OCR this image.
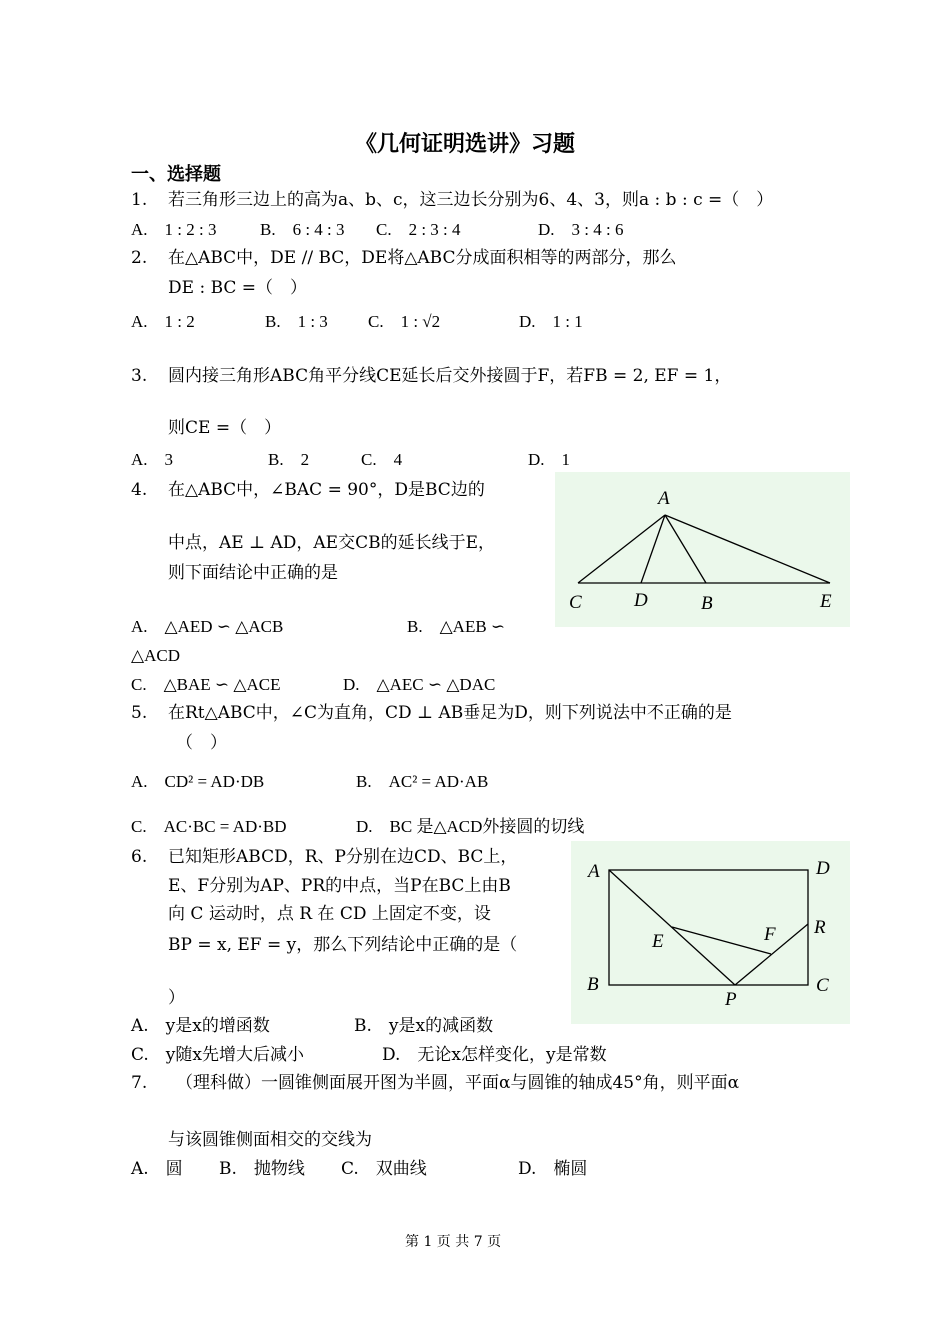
《几何证明选讲》习题
一、选择题
1. 若三角形三边上的高为a、b、c，这三边长分别为6、4、3，则a : b : c =（　）
A.　1 : 2 : 3	B.　6 : 4 : 3 C.　2 : 3 : 4	D.　3 : 4 : 6
2. 在△ABC中，DE // BC，DE将△ABC分成面积相等的两部分，那么
DE : BC =（　）
A.　1 : 2	B.　1 : 3 C.　1 : √2	D.　1 : 1
3. 圆内接三角形ABC角平分线CE延长后交外接圆于F，若FB = 2, EF = 1，
则CE =（　）
A.　3	B.　2	C.　4	D.　1
4. 在△ABC中，∠BAC = 90°，D是BC边的
中点，AE ⊥ AD，AE交CB的延长线于E，
则下面结论中正确的是
A
C	D	B	E
A.　△AED ∽ △ACB	B.　△AEB ∽
△ACD
C.　△BAE ∽ △ACE	D.　△AEC ∽ △DAC
5. 在Rt△ABC中，∠C为直角，CD ⊥ AB垂足为D，则下列说法中不正确的是
（　）
A.　CD² = AD·DB	B.　AC² = AD·AB
C.　AC·BC = AD·BD	D.　BC 是△ACD外接圆的切线
6. 已知矩形ABCD，R、P分别在边CD、BC上，
E、F分别为AP、PR的中点，当P在BC上由B
向 C 运动时，点 R 在 CD 上固定不变，设
BP = x, EF = y，那么下列结论中正确的是（
）
A	D
R
F
E
B
P
C
A.　y是x的增函数	B.　y是x的减函数
C.　y随x先增大后减小	D.　无论x怎样变化，y是常数
7. （理科做）一圆锥侧面展开图为半圆，平面α与圆锥的轴成45°角，则平面α
与该圆锥侧面相交的交线为
A.　圆 B.　抛物线 C.　双曲线	D.　椭圆
第 1 页 共 7 页
